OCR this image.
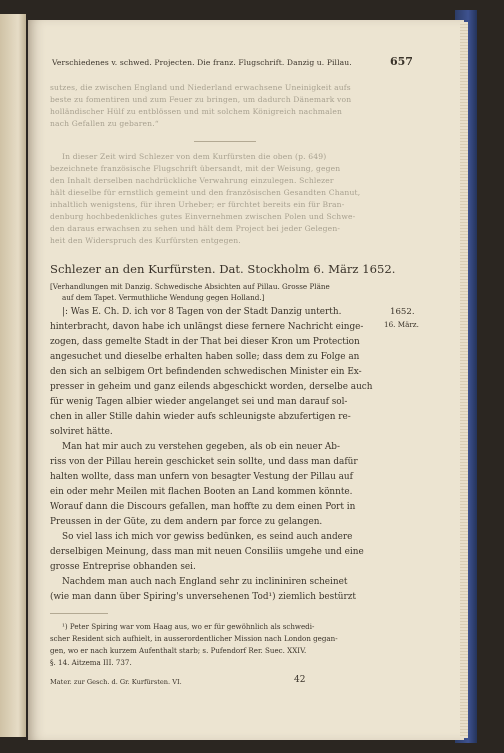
Verschiedenes v. schwed. Projecten. Die franz. Flugschrift. Danzig u. Pillau.	657
sutzes, die zwischen England und Niederland erwachsene Uneinigkeit aufs
beste zu fomentiren und zum Feuer zu bringen, um dadurch Dänemark von
holländischer Hülf zu entblössen und mit solchem Königreich nachmalen
nach Gefallen zu gebaren.“
In dieser Zeit wird Schlezer von dem Kurfürsten die oben (p. 649)
bezeichnete französische Flugschrift übersandt, mit der Weisung, gegen
den Inhalt derselben nachdrückliche Verwahrung einzulegen. Schlezer
hält dieselbe für ernstlich gemeint und den französischen Gesandten Chanut,
inhaltlich wenigstens, für ihren Urheber; er fürchtet bereits ein für Bran-
denburg hochbedenkliches gutes Einvernehmen zwischen Polen und Schwe-
den daraus erwachsen zu sehen und hält dem Project bei jeder Gelegen-
heit den Widerspruch des Kurfürsten entgegen.
Schlezer an den Kurfürsten. Dat. Stockholm 6. März 1652.
[Verhandlungen mit Danzig. Schwedische Absichten auf Pillau. Grosse Pläne
auf dem Tapet. Vermuthliche Wendung gegen Holland.]
1652.
16. März.
|: Was E. Ch. D. ich vor 8 Tagen von der Stadt Danzig unterth.
hinterbracht, davon habe ich unlängst diese fernere Nachricht einge-
zogen, dass gemelte Stadt in der That bei dieser Kron um Protection
angesuchet und dieselbe erhalten haben solle; dass dem zu Folge an
den sich an selbigem Ort befindenden schwedischen Minister ein Ex-
presser in geheim und ganz eilends abgeschickt worden, derselbe auch
für wenig Tagen albier wieder angelanget sei und man darauf sol-
chen in aller Stille dahin wieder aufs schleunigste abzufertigen re-
solviret hätte.
Man hat mir auch zu verstehen gegeben, als ob ein neuer Ab-
riss von der Pillau herein geschicket sein sollte, und dass man dafür
halten wollte, dass man unfern von besagter Vestung der Pillau auf
ein oder mehr Meilen mit flachen Booten an Land kommen könnte.
Worauf dann die Discours gefallen, man hoffte zu dem einen Port in
Preussen in der Güte, zu dem andern par force zu gelangen.
So viel lass ich mich vor gewiss bedünken, es seind auch andere
derselbigen Meinung, dass man mit neuen Consiliis umgehe und eine
grosse Entreprise obhanden sei.
Nachdem man auch nach England sehr zu inclininiren scheinet
(wie man dann über Spiring's unversehenen Tod¹) ziemlich bestürzt
¹) Peter Spiring war vom Haag aus, wo er für gewöhnlich als schwedi-
scher Resident sich aufhielt, in ausserordentlicher Mission nach London gegan-
gen, wo er nach kurzem Aufenthalt starb; s. Pufendorf Rer. Suec. XXIV.
§. 14. Aitzema III. 737.
Mater. zur Gesch. d. Gr. Kurfürsten. VI.	42
